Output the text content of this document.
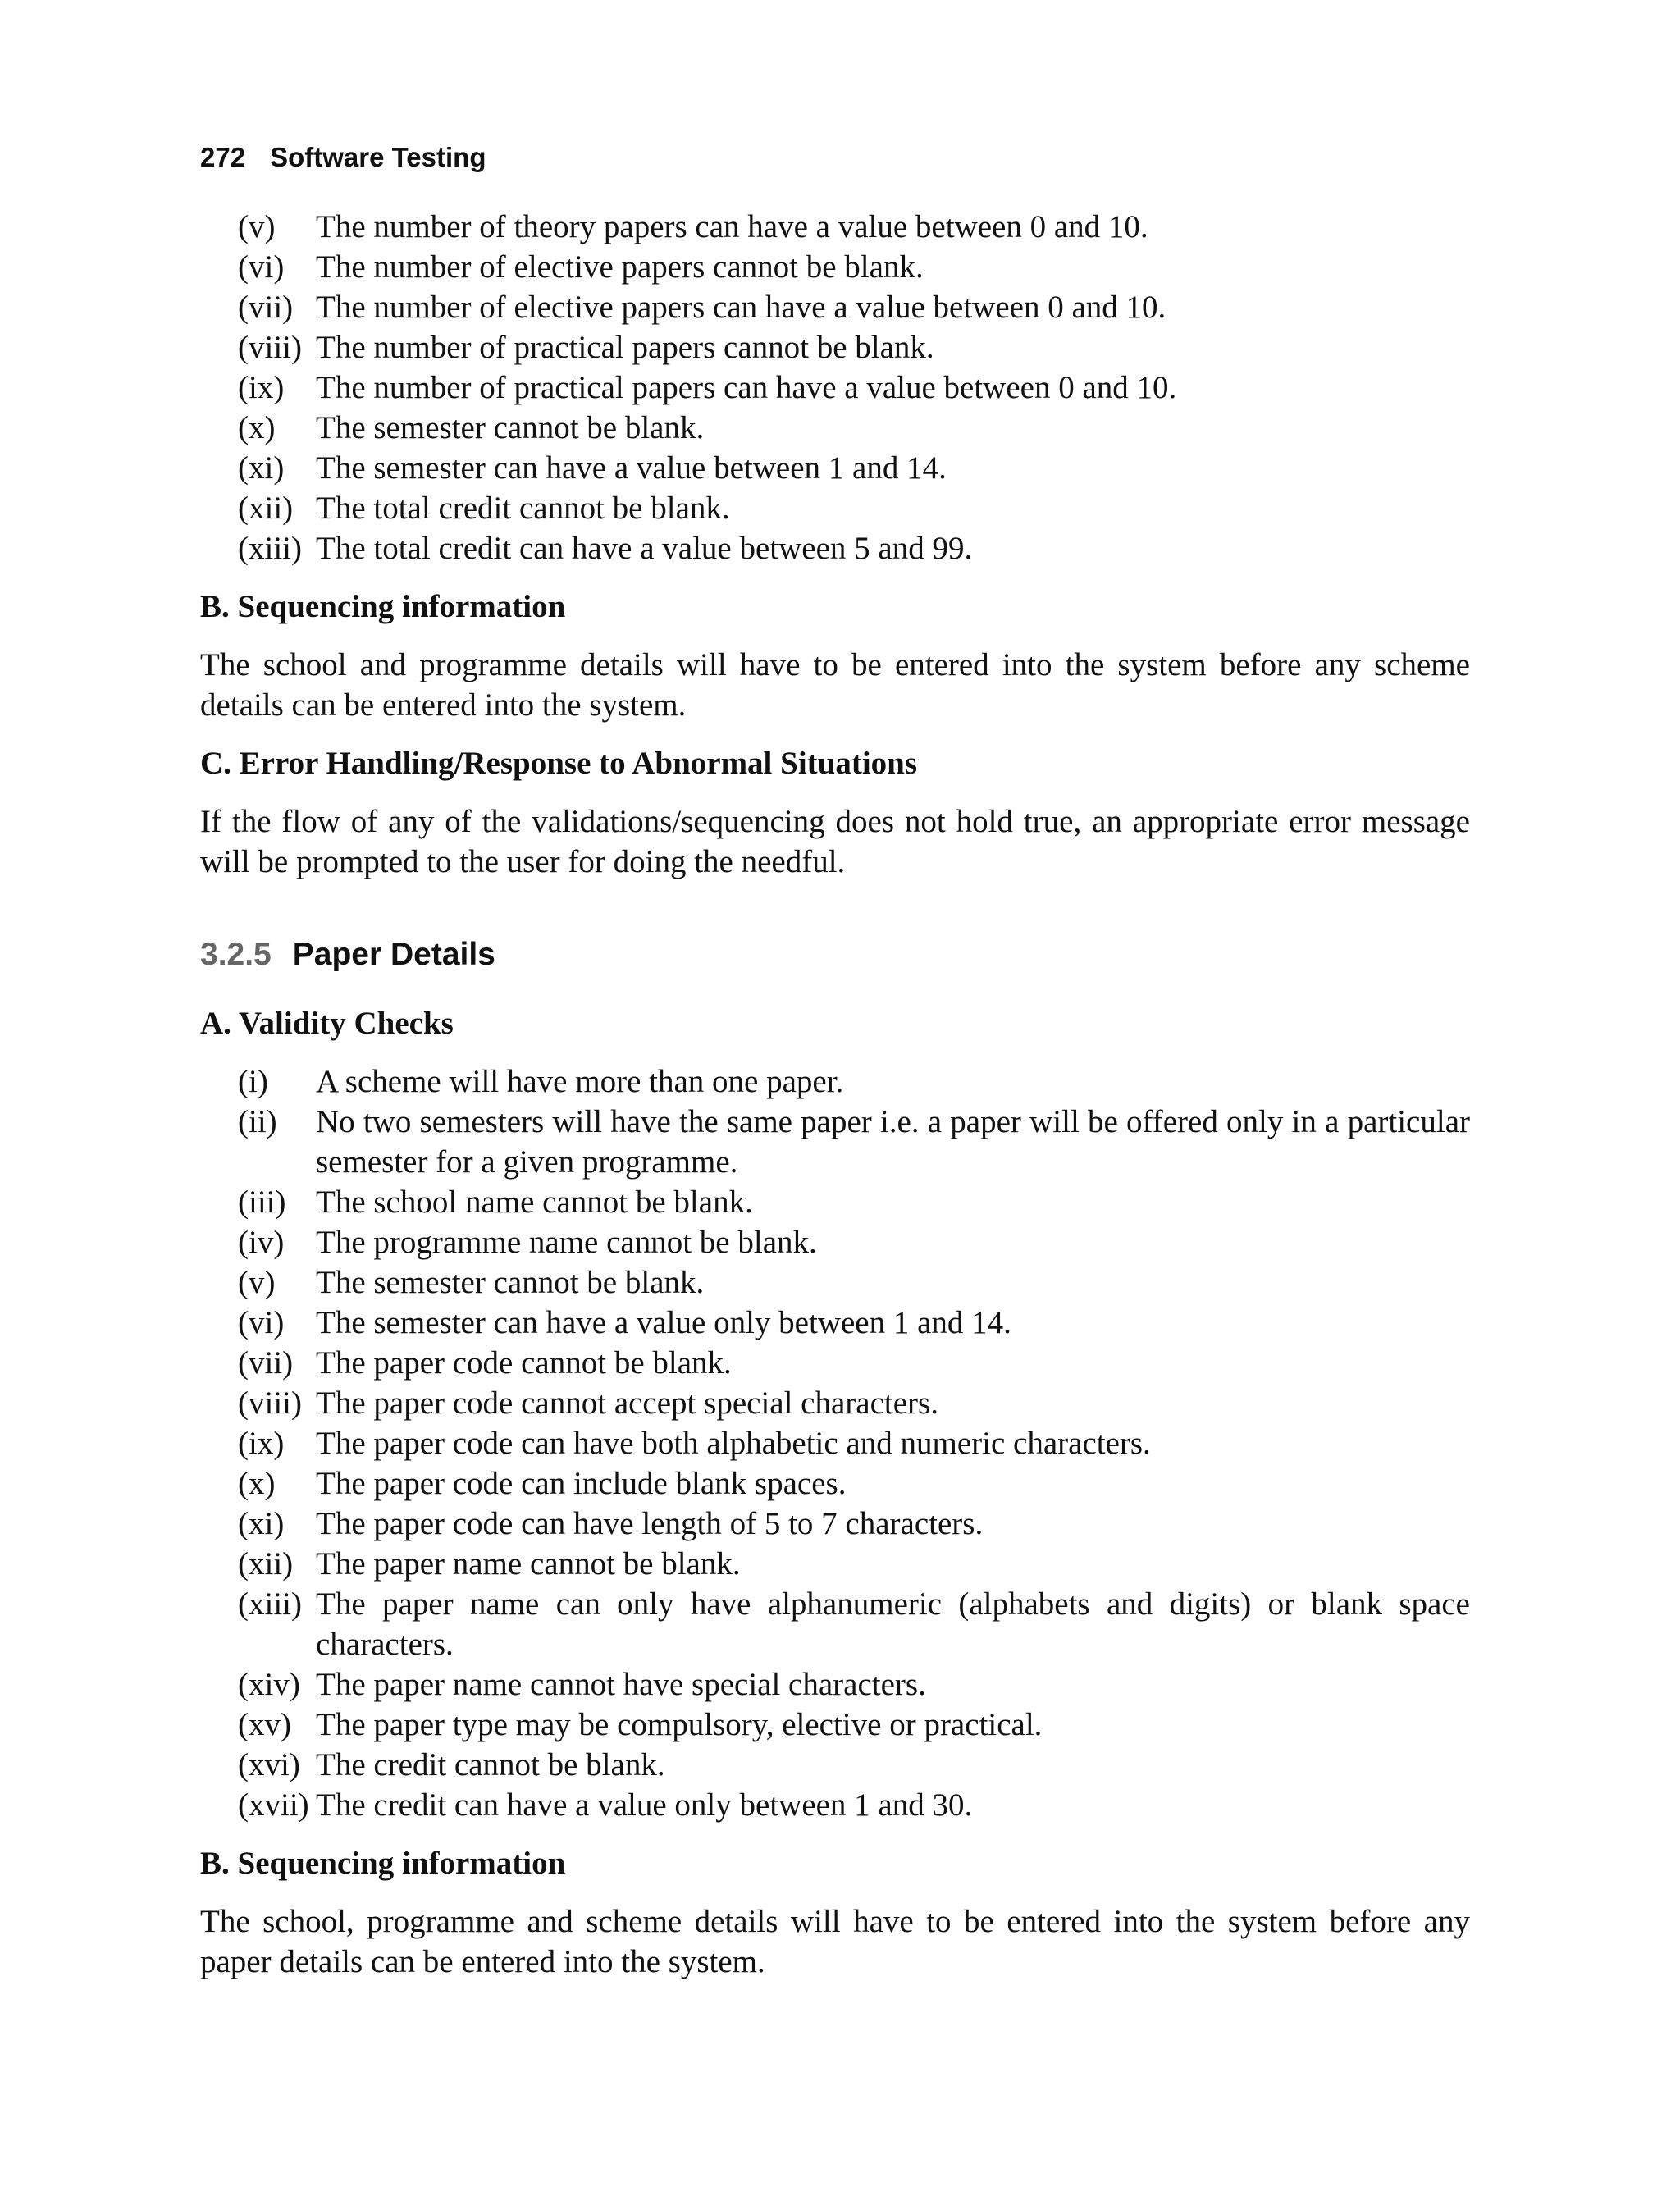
272 Software Testing
(v) The number of theory papers can have a value between 0 and 10.
(vi) The number of elective papers cannot be blank.
(vii) The number of elective papers can have a value between 0 and 10.
(viii) The number of practical papers cannot be blank.
(ix) The number of practical papers can have a value between 0 and 10.
(x) The semester cannot be blank.
(xi) The semester can have a value between 1 and 14.
(xii) The total credit cannot be blank.
(xiii) The total credit can have a value between 5 and 99.
B. Sequencing information

The school and programme details will have to be entered into the system before any scheme details can be entered into the system.

C. Error Handling/Response to Abnormal Situations

If the flow of any of the validations/sequencing does not hold true, an appropriate error message will be prompted to the user for doing the needful.

3.2.5 Paper Details
A. Validity Checks
(i) A scheme will have more than one paper.
(ii) No two semesters will have the same paper i.e. a paper will be offered only in a particular semester for a given programme.
(iii) The school name cannot be blank.
(iv) The programme name cannot be blank.
(v) The semester cannot be blank.
(vi) The semester can have a value only between 1 and 14.
(vii) The paper code cannot be blank.
(viii) The paper code cannot accept special characters.
(ix) The paper code can have both alphabetic and numeric characters.
(x) The paper code can include blank spaces.
(xi) The paper code can have length of 5 to 7 characters.
(xii) The paper name cannot be blank.
(xiii) The paper name can only have alphanumeric (alphabets and digits) or blank space characters.
(xiv) The paper name cannot have special characters.
(xv) The paper type may be compulsory, elective or practical.
(xvi) The credit cannot be blank.
(xvii) The credit can have a value only between 1 and 30.
B. Sequencing information

The school, programme and scheme details will have to be entered into the system before any paper details can be entered into the system.
